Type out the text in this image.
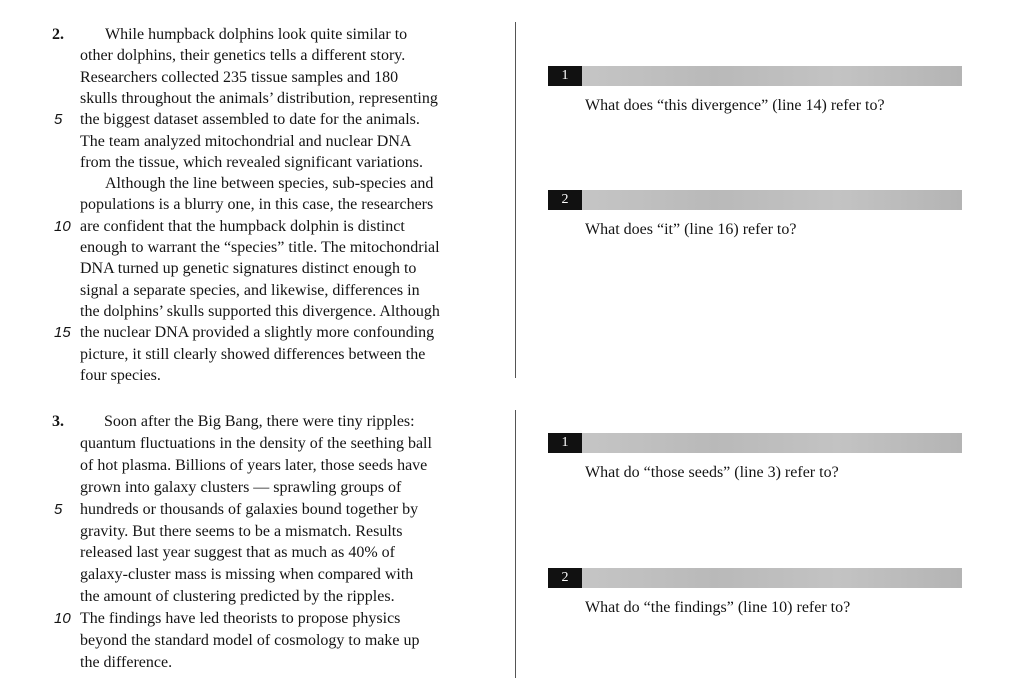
2.	While humpback dolphins look quite similar to
other dolphins, their genetics tells a different story.
Researchers collected 235 tissue samples and 180
skulls throughout the animals’ distribution, representing
5	the biggest dataset assembled to date for the animals.
The team analyzed mitochondrial and nuclear DNA
from the tissue, which revealed significant variations.
Although the line between species, sub-species and
populations is a blurry one, in this case, the researchers
10 are confident that the humpback dolphin is distinct
enough to warrant the “species” title. The mitochondrial
DNA turned up genetic signatures distinct enough to
signal a separate species, and likewise, differences in
the dolphins’ skulls supported this divergence. Although
15 the nuclear DNA provided a slightly more confounding
picture, it still clearly showed differences between the
four species.
3.	Soon after the Big Bang, there were tiny ripples:
quantum fluctuations in the density of the seething ball
of hot plasma. Billions of years later, those seeds have
grown into galaxy clusters — sprawling groups of
5	hundreds or thousands of galaxies bound together by
gravity. But there seems to be a mismatch. Results
released last year suggest that as much as 40% of
galaxy-cluster mass is missing when compared with
the amount of clustering predicted by the ripples.
10 The findings have led theorists to propose physics
beyond the standard model of cosmology to make up
the difference.
1
What does “this divergence” (line 14) refer to?
2
What does “it” (line 16) refer to?
1
What do “those seeds” (line 3) refer to?
2
What do “the findings” (line 10) refer to?
